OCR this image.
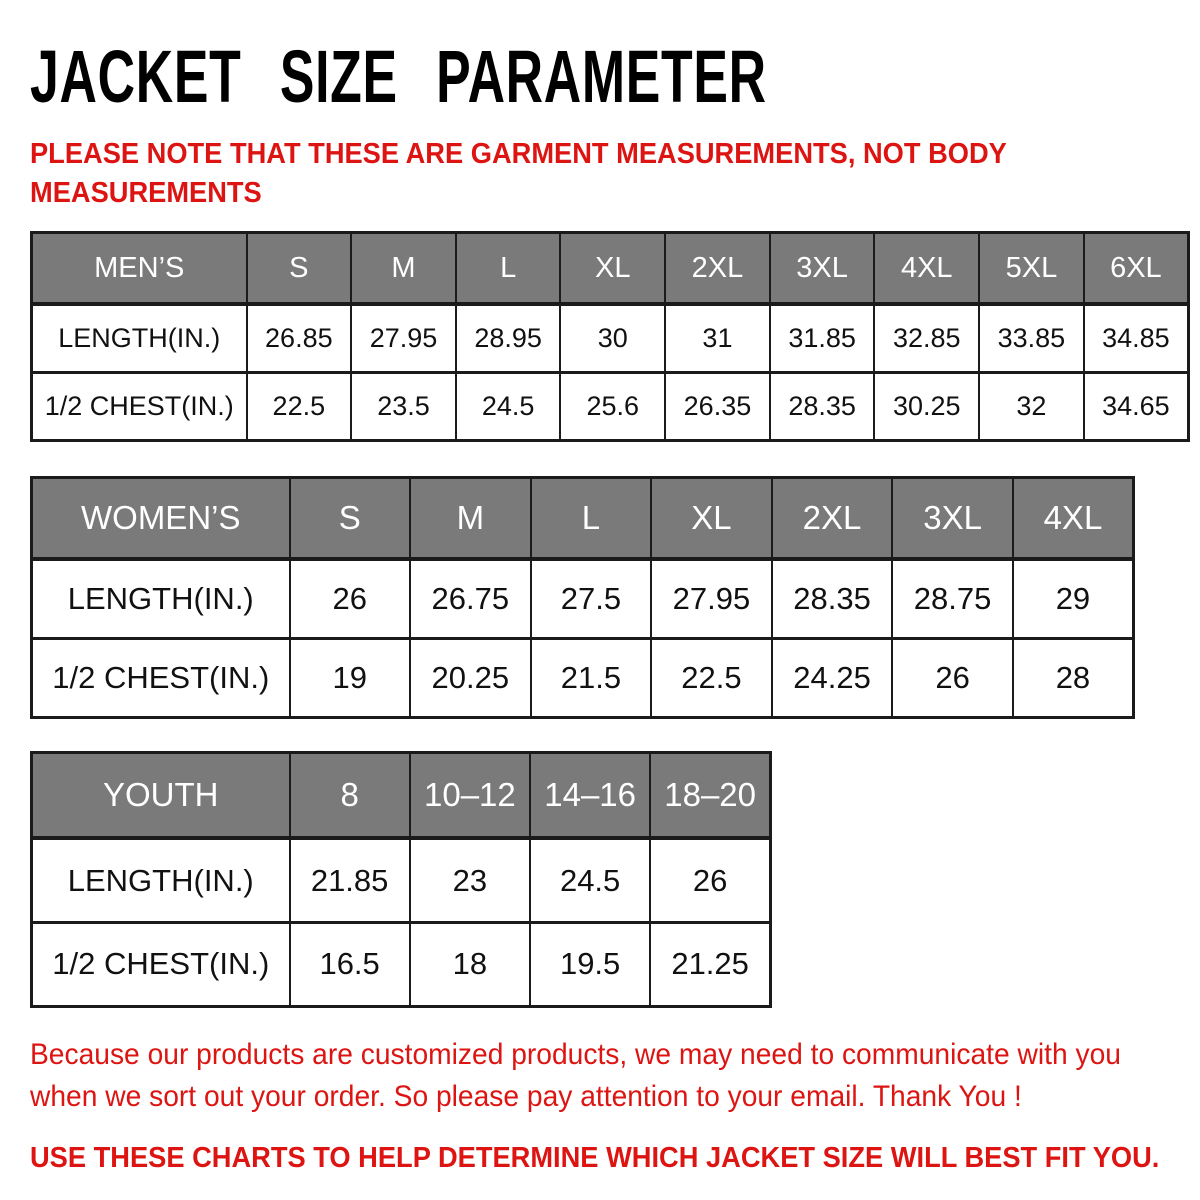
JACKET SIZE PARAMETER
PLEASE NOTE THAT THESE ARE GARMENT MEASUREMENTS, NOT BODY
MEASUREMENTS
MEN’S	S	M	L	XL	2XL	3XL	4XL	5XL	6XL
LENGTH(IN.)	26.85	27.95	28.95	30	31	31.85	32.85	33.85	34.85
1/2 CHEST(IN.)	22.5	23.5	24.5	25.6	26.35	28.35	30.25	32	34.65
WOMEN’S	S	M	L	XL	2XL	3XL	4XL
LENGTH(IN.)	26	26.75	27.5	27.95	28.35	28.75	29
1/2 CHEST(IN.)	19	20.25	21.5	22.5	24.25	26	28
YOUTH	8	10–12	14–16	18–20
LENGTH(IN.)	21.85	23	24.5	26
1/2 CHEST(IN.)	16.5	18	19.5	21.25

Because our products are customized products, we may need to communicate with you
when we sort out your order. So please pay attention to your email. Thank You !

USE THESE CHARTS TO HELP DETERMINE WHICH JACKET SIZE WILL BEST FIT YOU.
